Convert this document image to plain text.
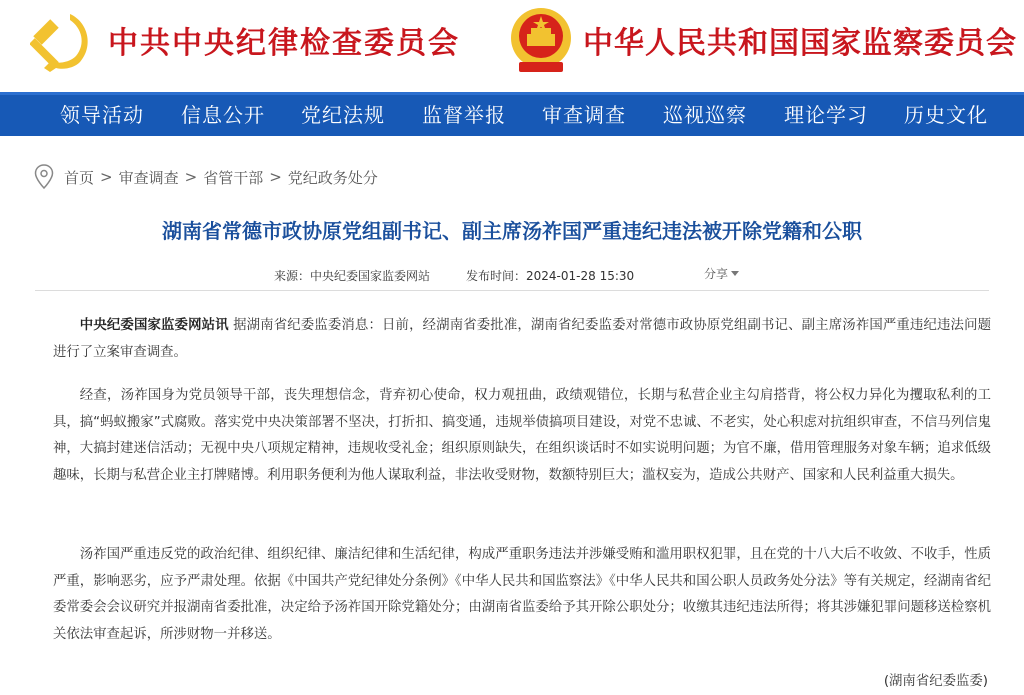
中共中央纪律检查委员会	中华人民共和国国家监察委员会
领导活动 信息公开 党纪法规 监督举报 审查调查 巡视巡察 理论学习 历史文化
首页 > 审查调查 > 省管干部 > 党纪政务处分
湖南省常德市政协原党组副书记、副主席汤祚国严重违纪违法被开除党籍和公职
来源：中央纪委国家监委网站	发布时间：2024-01-28 15:30	分享

中央纪委国家监委网站讯 据湖南省纪委监委消息：日前，经湖南省委批准，湖南省纪委监委对常德市政协原党组副书记、副主席汤祚国严重违纪违法问题进行了立案审查调查。

经查，汤祚国身为党员领导干部，丧失理想信念，背弃初心使命，权力观扭曲，政绩观错位，长期与私营企业主勾肩搭背，将公权力异化为攫取私利的工具，搞“蚂蚁搬家”式腐败。落实党中央决策部署不坚决，打折扣、搞变通，违规举债搞项目建设，对党不忠诚、不老实，处心积虑对抗组织审查，不信马列信鬼神，大搞封建迷信活动；无视中央八项规定精神，违规收受礼金；组织原则缺失，在组织谈话时不如实说明问题；为官不廉，借用管理服务对象车辆；追求低级趣味，长期与私营企业主打牌赌博。利用职务便利为他人谋取利益，非法收受财物，数额特别巨大；滥权妄为，造成公共财产、国家和人民利益重大损失。

汤祚国严重违反党的政治纪律、组织纪律、廉洁纪律和生活纪律，构成严重职务违法并涉嫌受贿和滥用职权犯罪，且在党的十八大后不收敛、不收手，性质严重，影响恶劣，应予严肃处理。依据《中国共产党纪律处分条例》《中华人民共和国监察法》《中华人民共和国公职人员政务处分法》等有关规定，经湖南省纪委常委会会议研究并报湖南省委批准，决定给予汤祚国开除党籍处分；由湖南省监委给予其开除公职处分；收缴其违纪违法所得；将其涉嫌犯罪问题移送检察机关依法审查起诉，所涉财物一并移送。

(湖南省纪委监委)
